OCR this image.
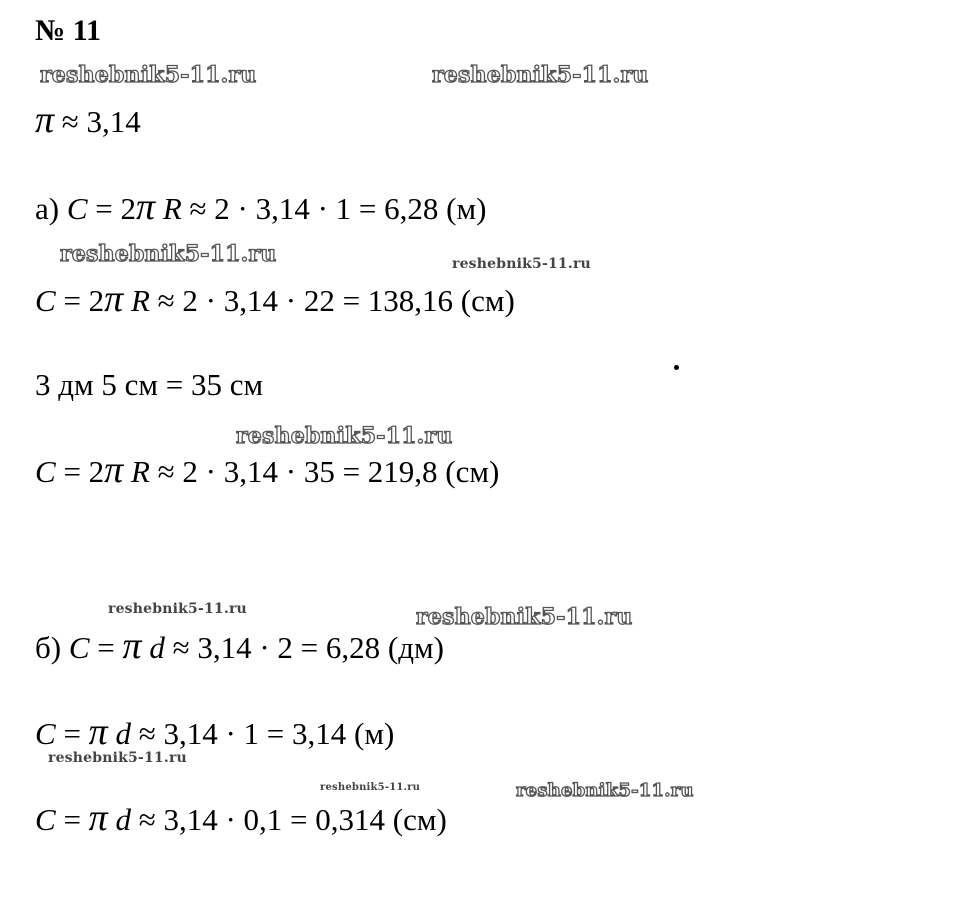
№ 11
reshebnik5-11.ru	reshebnik5-11.ru
reshebnik5-11.ru	reshebnik5-11.ru
reshebnik5-11.ru
reshebnik5-11.ru	reshebnik5-11.ru
reshebnik5-11.ru
reshebnik5-11.ru	reshebnik5-11.ru
π ≈ 3,14
а) C = 2π R ≈ 2 · 3,14 · 1 = 6,28 (м)
C = 2π R ≈ 2 · 3,14 · 22 = 138,16 (см)
3 дм 5 см = 35 см
C = 2π R ≈ 2 · 3,14 · 35 = 219,8 (см)
б) C = π d ≈ 3,14 · 2 = 6,28 (дм)
C = π d ≈ 3,14 · 1 = 3,14 (м)
C = π d ≈ 3,14 · 0,1 = 0,314 (см)
